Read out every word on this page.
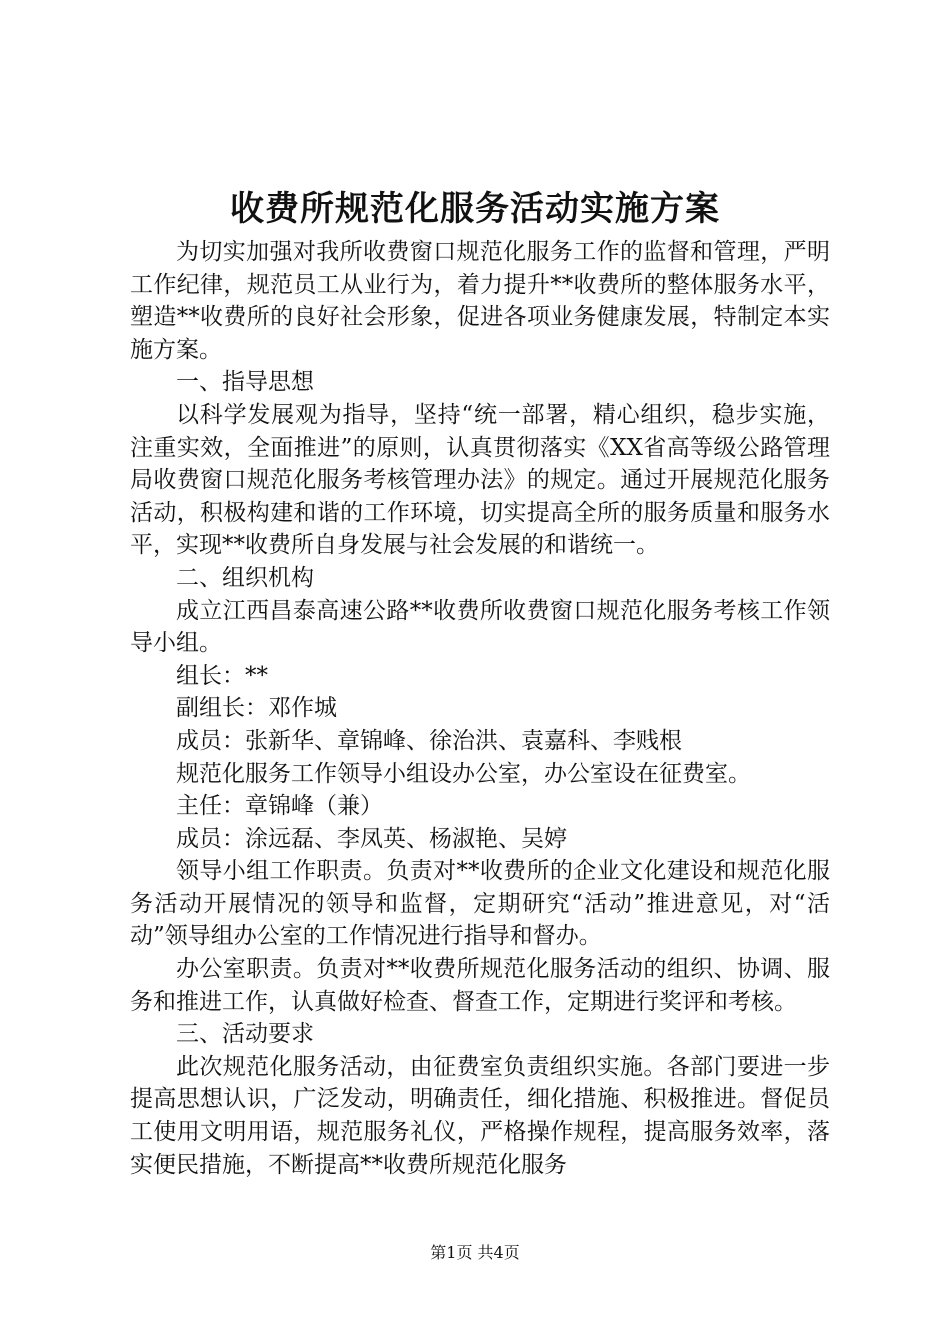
收费所规范化服务活动实施方案

为切实加强对我所收费窗口规范化服务工作的监督和管理，严明工作纪律，规范员工从业行为，着力提升**收费所的整体服务水平，塑造**收费所的良好社会形象，促进各项业务健康发展，特制定本实施方案。

一、指导思想

以科学发展观为指导，坚持“统一部署，精心组织，稳步实施，注重实效，全面推进”的原则，认真贯彻落实《XX省高等级公路管理局收费窗口规范化服务考核管理办法》的规定。通过开展规范化服务活动，积极构建和谐的工作环境，切实提高全所的服务质量和服务水平，实现**收费所自身发展与社会发展的和谐统一。

二、组织机构

成立江西昌泰高速公路**收费所收费窗口规范化服务考核工作领导小组。

组长：**

副组长：邓作城

成员：张新华、章锦峰、徐治洪、袁嘉科、李贱根

规范化服务工作领导小组设办公室，办公室设在征费室。

主任：章锦峰（兼）

成员：涂远磊、李凤英、杨淑艳、吴婷

领导小组工作职责。负责对**收费所的企业文化建设和规范化服务活动开展情况的领导和监督，定期研究“活动”推进意见，对“活动”领导组办公室的工作情况进行指导和督办。

办公室职责。负责对**收费所规范化服务活动的组织、协调、服务和推进工作，认真做好检查、督查工作，定期进行奖评和考核。

三、活动要求

此次规范化服务活动，由征费室负责组织实施。各部门要进一步提高思想认识，广泛发动，明确责任，细化措施、积极推进。督促员工使用文明用语，规范服务礼仪，严格操作规程，提高服务效率，落实便民措施，不断提高**收费所规范化服务

第1页 共4页
